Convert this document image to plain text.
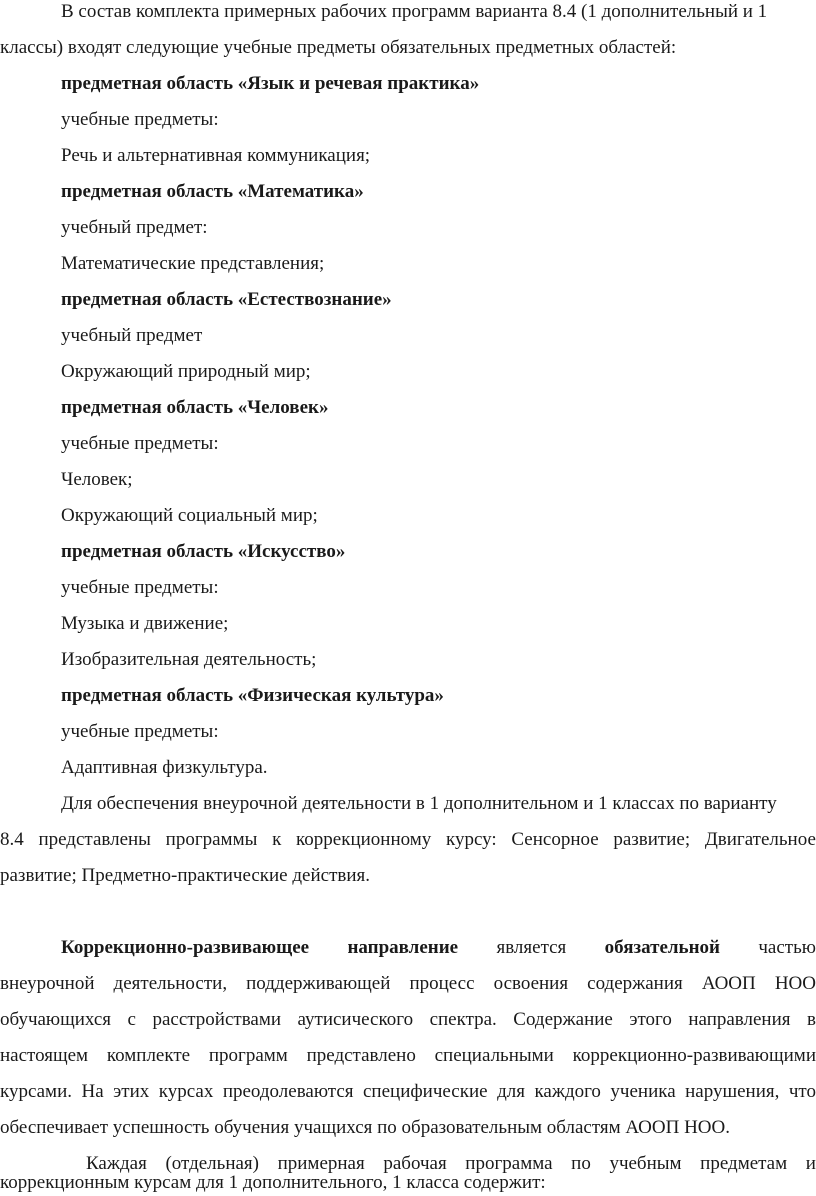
В состав комплекта примерных рабочих программ варианта 8.4 (1 дополнительный и 1

классы) входят следующие учебные предметы обязательных предметных областей:

предметная область «Язык и речевая практика»

учебные предметы:

Речь и альтернативная коммуникация;

предметная область «Математика»

учебный предмет:

Математические представления;

предметная область «Естествознание»

учебный предмет

Окружающий природный мир;

предметная область «Человек»

учебные предметы:

Человек;

Окружающий социальный мир;

предметная область «Искусство»

учебные предметы:

Музыка и движение;

Изобразительная деятельность;

предметная область «Физическая культура»

учебные предметы:

Адаптивная физкультура.

Для обеспечения внеурочной деятельности в 1 дополнительном и 1 классах по варианту

8.4 представлены программы к коррекционному курсу: Сенсорное развитие; Двигательное

развитие; Предметно-практические действия.

Коррекционно-развивающее направление является обязательной частью
внеурочной деятельности, поддерживающей процесс освоения содержания АООП НОО
обучающихся с расстройствами аутисического спектра. Содержание этого направления в
настоящем комплекте программ представлено специальными коррекционно-развивающими
курсами. На этих курсах преодолеваются специфические для каждого ученика нарушения, что

обеспечивает успешность обучения учащихся по образовательным областям АООП НОО.

Каждая (отдельная) примерная рабочая программа по учебным предметам и

коррекционным курсам для 1 дополнительного, 1 класса содержит:
